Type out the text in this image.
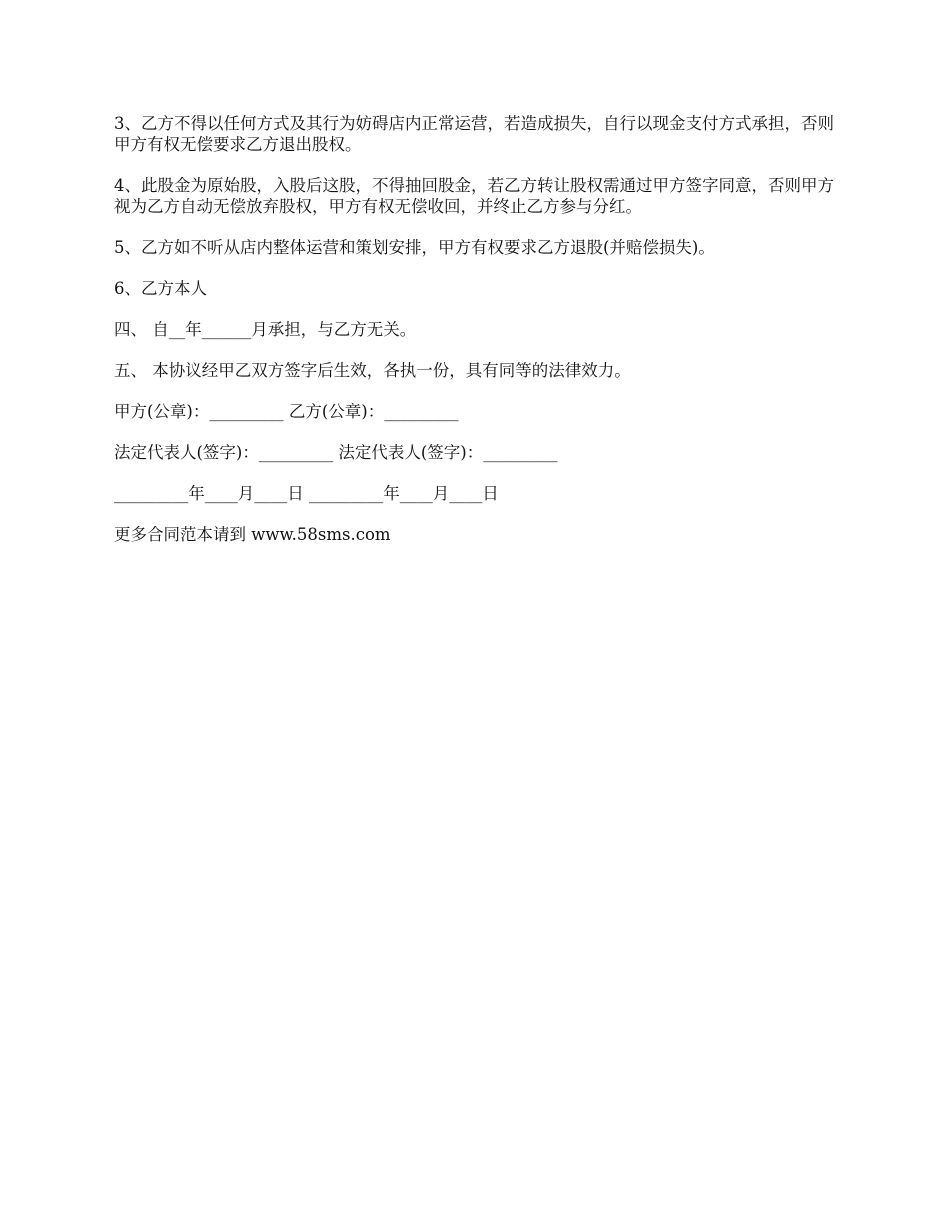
3、乙方不得以任何方式及其行为妨碍店内正常运营，若造成损失，自行以现金支付方式承担，否则甲方有权无偿要求乙方退出股权。

4、此股金为原始股，入股后这股，不得抽回股金，若乙方转让股权需通过甲方签字同意，否则甲方视为乙方自动无偿放弃股权，甲方有权无偿收回，并终止乙方参与分红。

5、乙方如不听从店内整体运营和策划安排，甲方有权要求乙方退股(并赔偿损失)。

6、乙方本人

四、 自__年______月承担，与乙方无关。

五、 本协议经甲乙双方签字后生效，各执一份，具有同等的法律效力。

甲方(公章)：_________ 乙方(公章)：_________

法定代表人(签字)：_________ 法定代表人(签字)：_________

_________年____月____日 _________年____月____日

更多合同范本请到 www.58sms.com
